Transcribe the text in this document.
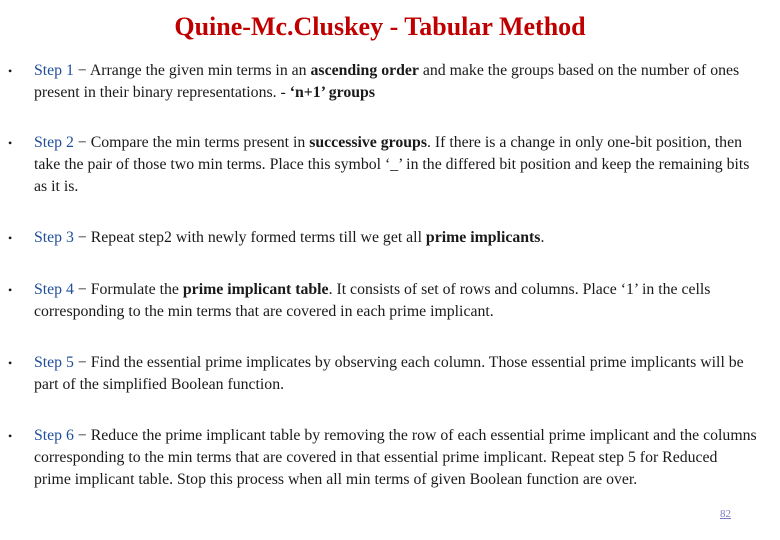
Quine-Mc.Cluskey - Tabular Method
• Step 1 − Arrange the given min terms in an ascending order and make the groups based on the number of ones present in their binary representations. - ‘n+1’ groups

• Step 2 − Compare the min terms present in successive groups. If there is a change in only one-bit position, then take the pair of those two min terms. Place this symbol ‘_’ in the differed bit position and keep the remaining bits as it is.

• Step 3 − Repeat step2 with newly formed terms till we get all prime implicants.

• Step 4 − Formulate the prime implicant table. It consists of set of rows and columns. Place ‘1’ in the cells corresponding to the min terms that are covered in each prime implicant.

• Step 5 − Find the essential prime implicates by observing each column. Those essential prime implicants will be part of the simplified Boolean function.

• Step 6 − Reduce the prime implicant table by removing the row of each essential prime implicant and the columns corresponding to the min terms that are covered in that essential prime implicant. Repeat step 5 for Reduced prime implicant table. Stop this process when all min terms of given Boolean function are over.

82
